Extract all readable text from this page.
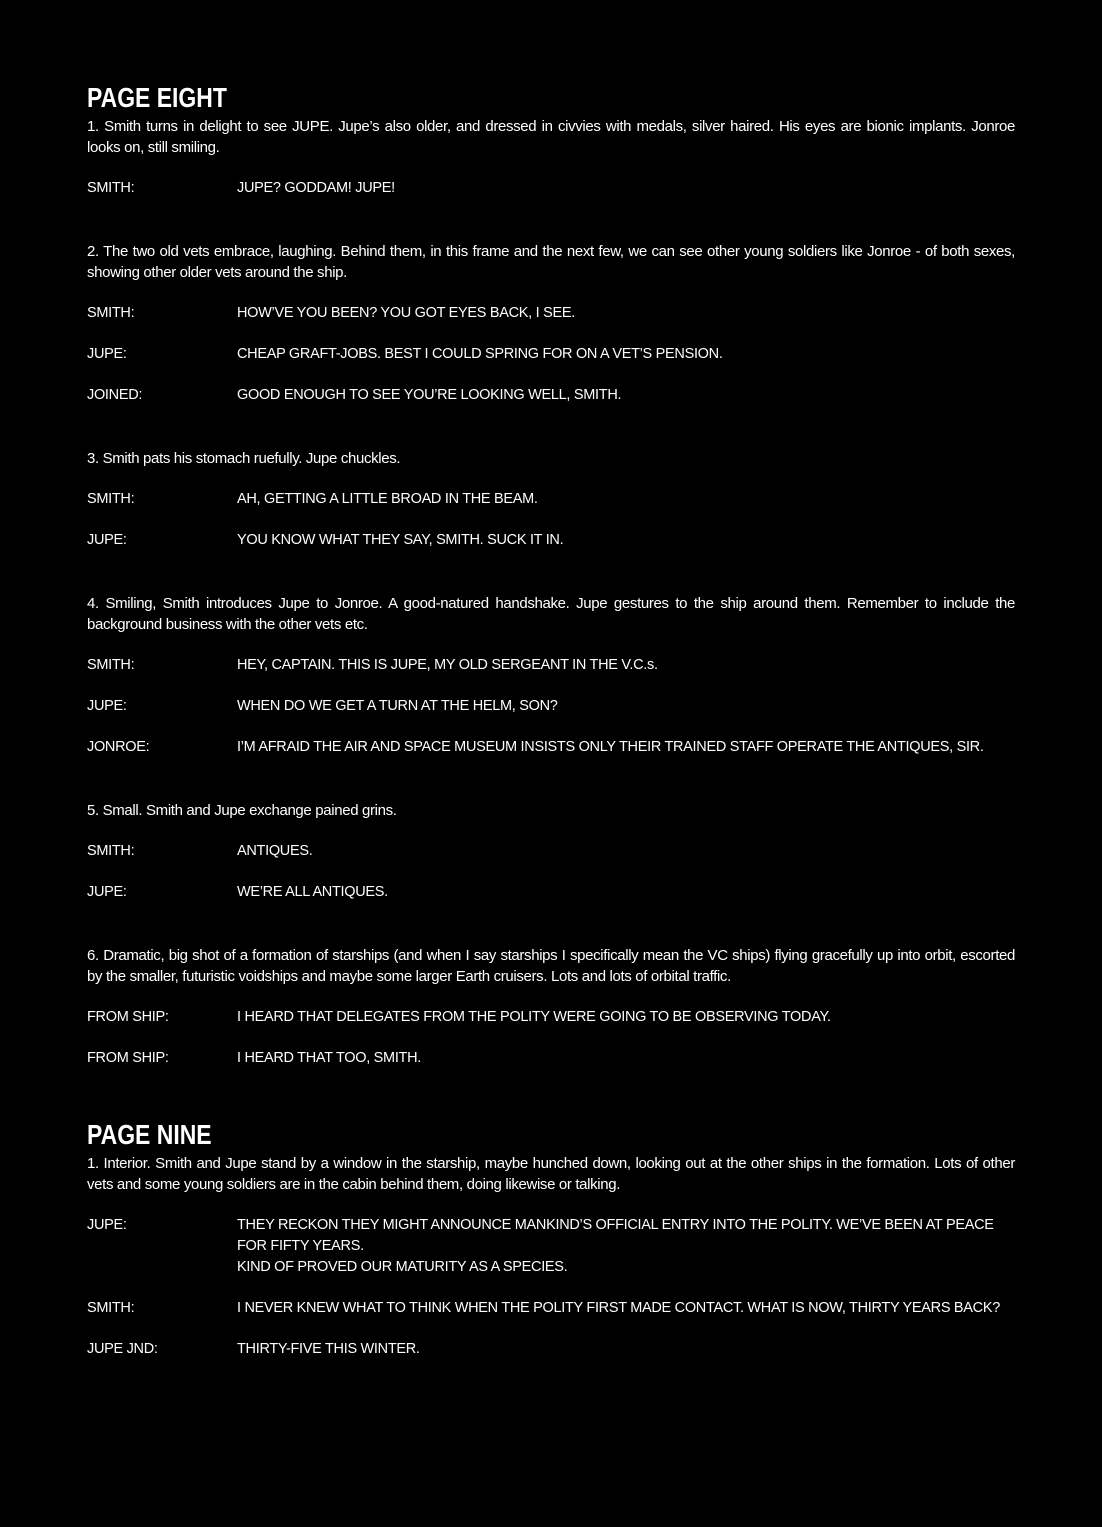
PAGE EIGHT

1. Smith turns in delight to see JUPE. Jupe’s also older, and dressed in civvies with medals, silver haired. His eyes are bionic implants. Jonroe looks on, still smiling.

SMITH:	JUPE? GODDAM! JUPE!

2. The two old vets embrace, laughing. Behind them, in this frame and the next few, we can see other young soldiers like Jonroe - of both sexes, showing other older vets around the ship.

SMITH:	HOW’VE YOU BEEN? YOU GOT EYES BACK, I SEE.
JUPE:	CHEAP GRAFT-JOBS. BEST I COULD SPRING FOR ON A VET’S PENSION.
JOINED:	GOOD ENOUGH TO SEE YOU’RE LOOKING WELL, SMITH.

3. Smith pats his stomach ruefully. Jupe chuckles.

SMITH:	AH, GETTING A LITTLE BROAD IN THE BEAM.
JUPE:	YOU KNOW WHAT THEY SAY, SMITH. SUCK IT IN.

4. Smiling, Smith introduces Jupe to Jonroe. A good-natured handshake. Jupe gestures to the ship around them. Remember to include the background business with the other vets etc.

SMITH:	HEY, CAPTAIN. THIS IS JUPE, MY OLD SERGEANT IN THE V.C.s.
JUPE:	WHEN DO WE GET A TURN AT THE HELM, SON?
JONROE:	I’M AFRAID THE AIR AND SPACE MUSEUM INSISTS ONLY THEIR TRAINED STAFF OPERATE THE ANTIQUES, SIR.

5. Small. Smith and Jupe exchange pained grins.

SMITH:	ANTIQUES.
JUPE:	WE’RE ALL ANTIQUES.

6. Dramatic, big shot of a formation of starships (and when I say starships I specifically mean the VC ships) flying gracefully up into orbit, escorted by the smaller, futuristic voidships and maybe some larger Earth cruisers. Lots and lots of orbital traffic.

FROM SHIP:	I HEARD THAT DELEGATES FROM THE POLITY WERE GOING TO BE OBSERVING TODAY.
FROM SHIP:	I HEARD THAT TOO, SMITH.
PAGE NINE

1. Interior. Smith and Jupe stand by a window in the starship, maybe hunched down, looking out at the other ships in the formation. Lots of other vets and some young soldiers are in the cabin behind them, doing likewise or talking.

JUPE:	THEY RECKON THEY MIGHT ANNOUNCE MANKIND’S OFFICIAL ENTRY INTO THE POLITY. WE’VE BEEN AT PEACE FOR FIFTY YEARS.
KIND OF PROVED OUR MATURITY AS A SPECIES.
SMITH:	I NEVER KNEW WHAT TO THINK WHEN THE POLITY FIRST MADE CONTACT. WHAT IS NOW, THIRTY YEARS BACK?
JUPE JND:	THIRTY-FIVE THIS WINTER.
